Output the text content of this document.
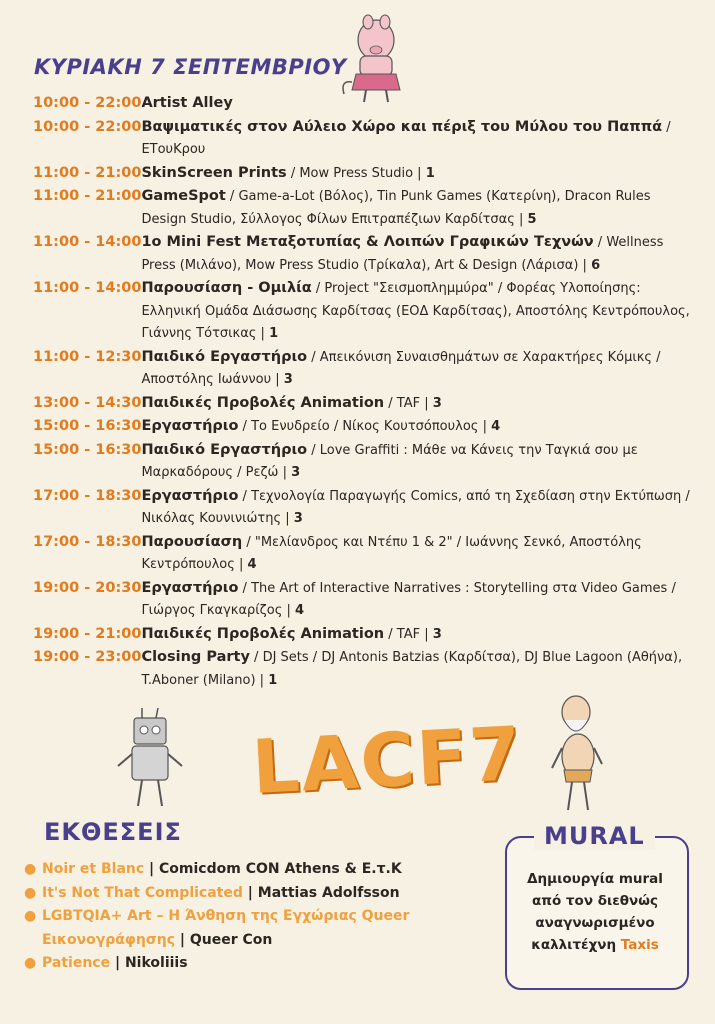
ΚΥΡΙΑΚΗ 7 ΣΕΠΤΕΜΒΡΙΟΥ
10:00 - 22:00 Artist Alley
10:00 - 22:00 Βαψιματικές στον Αύλειο Χώρο και πέριξ του Μύλου του Παππά / ΕΤουΚρου
11:00 - 21:00 SkinScreen Prints / Mow Press Studio | 1
11:00 - 21:00 GameSpot / Game-a-Lot (Βόλος), Tin Punk Games (Κατερίνη), Dracon Rules Design Studio, Σύλλογος Φίλων Επιτραπέζιων Καρδίτσας | 5
11:00 - 14:00 1ο Mini Fest Μεταξοτυπίας & Λοιπών Γραφικών Τεχνών / Wellness Press (Μιλάνο), Mow Press Studio (Τρίκαλα), Art & Design (Λάρισα) | 6
11:00 - 14:00 Παρουσίαση - Ομιλία / Project "Σεισμοπλημμύρα" / Φορέας Υλοποίησης: Ελληνική Ομάδα Διάσωσης Καρδίτσας (ΕΟΔ Καρδίτσας), Αποστόλης Κεντρόπουλος, Γιάννης Τότσικας | 1
11:00 - 12:30 Παιδικό Εργαστήριο / Απεικόνιση Συναισθημάτων σε Χαρακτήρες Κόμικς / Αποστόλης Ιωάννου | 3
13:00 - 14:30 Παιδικές Προβολές Animation / TAF | 3
15:00 - 16:30 Εργαστήριο / Το Ενυδρείο / Νίκος Κουτσόπουλος | 4
15:00 - 16:30 Παιδικό Εργαστήριο / Love Graffiti : Μάθε να Κάνεις την Ταγκιά σου με Μαρκαδόρους / Ρεζώ | 3
17:00 - 18:30 Εργαστήριο / Τεχνολογία Παραγωγής Comics, από τη Σχεδίαση στην Εκτύπωση / Νικόλας Κουνινιώτης | 3
17:00 - 18:30 Παρουσίαση / "Μελίανδρος και Ντέπυ 1 & 2" / Ιωάννης Σενκό, Αποστόλης Κεντρόπουλος | 4
19:00 - 20:30 Εργαστήριο / The Art of Interactive Narratives : Storytelling στα Video Games / Γιώργος Γκαγκαρίζος | 4
19:00 - 21:00 Παιδικές Προβολές Animation / TAF | 3
19:00 - 23:00 Closing Party / DJ Sets / DJ Antonis Batzias (Καρδίτσα), DJ Blue Lagoon (Αθήνα), T.Aboner (Milano) | 1
LACF7
ΕΚΘΕΣΕΙΣ
● Noir et Blanc | Comicdom CON Athens & Ε.τ.Κ
● It's Not That Complicated | Mattias Adolfsson
● LGBTQIA+ Art – Η Άνθηση της Εγχώριας Queer Εικονογράφησης | Queer Con
● Patience | Nikoliiis
MURAL
Δημιουργία mural από τον διεθνώς αναγνωρισμένο καλλιτέχνη Taxis
